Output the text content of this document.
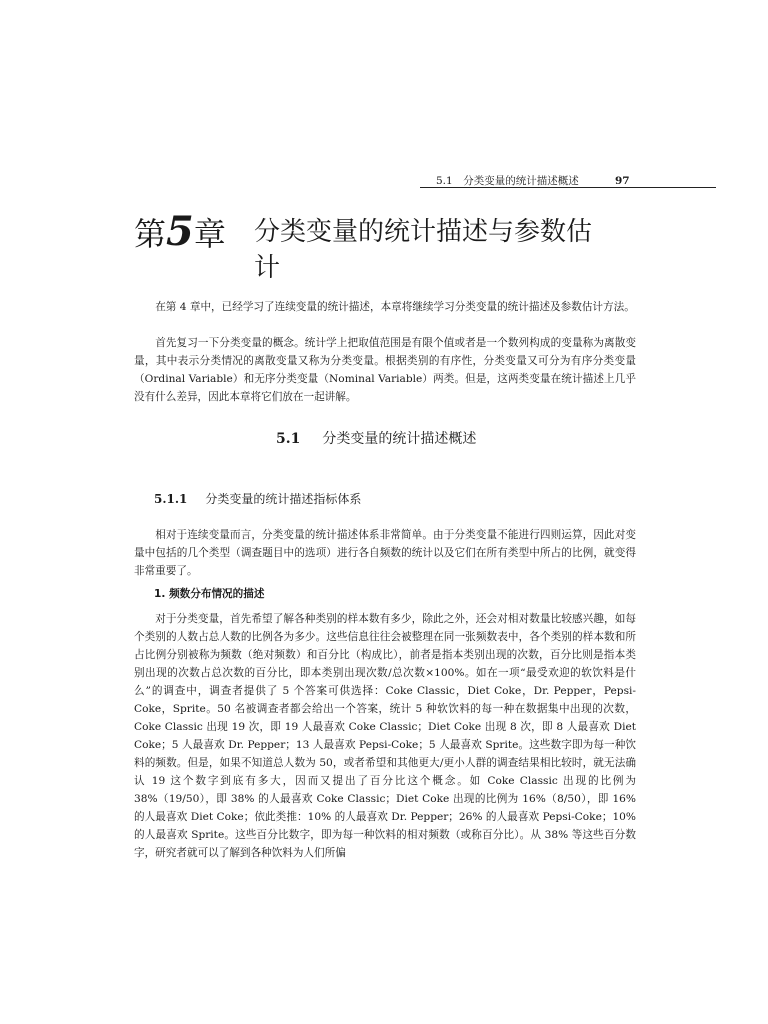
5.1　分类变量的统计描述概述	97
第5章 分类变量的统计描述与参数估计
在第 4 章中，已经学习了连续变量的统计描述，本章将继续学习分类变量的统计描述及参数估计方法。
首先复习一下分类变量的概念。统计学上把取值范围是有限个值或者是一个数列构成的变量称为离散变量，其中表示分类情况的离散变量又称为分类变量。根据类别的有序性，分类变量又可分为有序分类变量（Ordinal Variable）和无序分类变量（Nominal Variable）两类。但是，这两类变量在统计描述上几乎没有什么差异，因此本章将它们放在一起讲解。
5.1 分类变量的统计描述概述
5.1.1 分类变量的统计描述指标体系
相对于连续变量而言，分类变量的统计描述体系非常简单。由于分类变量不能进行四则运算，因此对变量中包括的几个类型（调查题目中的选项）进行各自频数的统计以及它们在所有类型中所占的比例，就变得非常重要了。
1. 频数分布情况的描述
对于分类变量，首先希望了解各种类别的样本数有多少，除此之外，还会对相对数量比较感兴趣，如每个类别的人数占总人数的比例各为多少。这些信息往往会被整理在同一张频数表中，各个类别的样本数和所占比例分别被称为频数（绝对频数）和百分比（构成比），前者是指本类别出现的次数，百分比则是指本类别出现的次数占总次数的百分比，即本类别出现次数/总次数×100%。如在一项“最受欢迎的软饮料是什么”的调查中，调查者提供了 5 个答案可供选择：Coke Classic，Diet Coke，Dr. Pepper，Pepsi-Coke，Sprite。50 名被调查者都会给出一个答案，统计 5 种软饮料的每一种在数据集中出现的次数，Coke Classic 出现 19 次，即 19 人最喜欢 Coke Classic；Diet Coke 出现 8 次，即 8 人最喜欢 Diet Coke；5 人最喜欢 Dr. Pepper；13 人最喜欢 Pepsi-Coke；5 人最喜欢 Sprite。这些数字即为每一种饮料的频数。但是，如果不知道总人数为 50，或者希望和其他更大/更小人群的调查结果相比较时，就无法确认 19 这个数字到底有多大，因而又提出了百分比这个概念。如 Coke Classic 出现的比例为 38%（19/50），即 38% 的人最喜欢 Coke Classic；Diet Coke 出现的比例为 16%（8/50），即 16% 的人最喜欢 Diet Coke；依此类推：10% 的人最喜欢 Dr. Pepper；26% 的人最喜欢 Pepsi-Coke；10% 的人最喜欢 Sprite。这些百分比数字，即为每一种饮料的相对频数（或称百分比）。从 38% 等这些百分数字，研究者就可以了解到各种饮料为人们所偏
